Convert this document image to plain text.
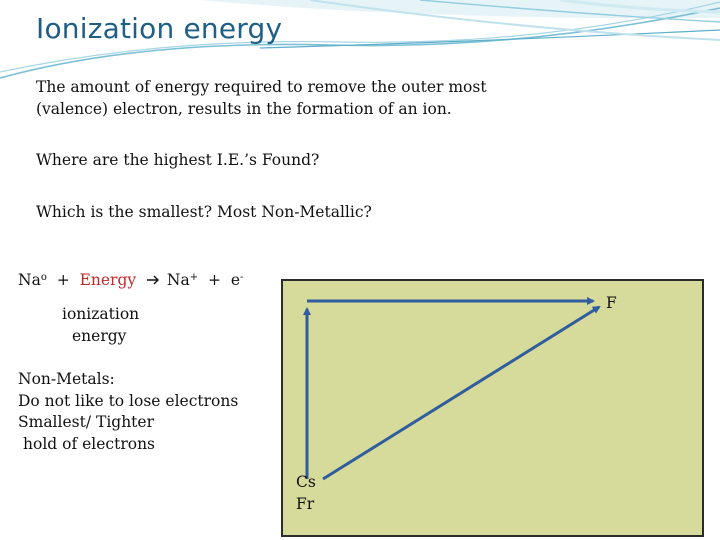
Ionization energy
The amount of energy required to remove the outer most
(valence) electron, results in the formation of an ion.
Where are the highest I.E.’s Found?
Which is the smallest? Most Non-Metallic?
$Na^o$ + Energy Na+ + e-
ionization
energy
Non-Metals:
Do not like to lose electrons
Smallest/ Tighter
hold of electrons
F
Cs
Fr
